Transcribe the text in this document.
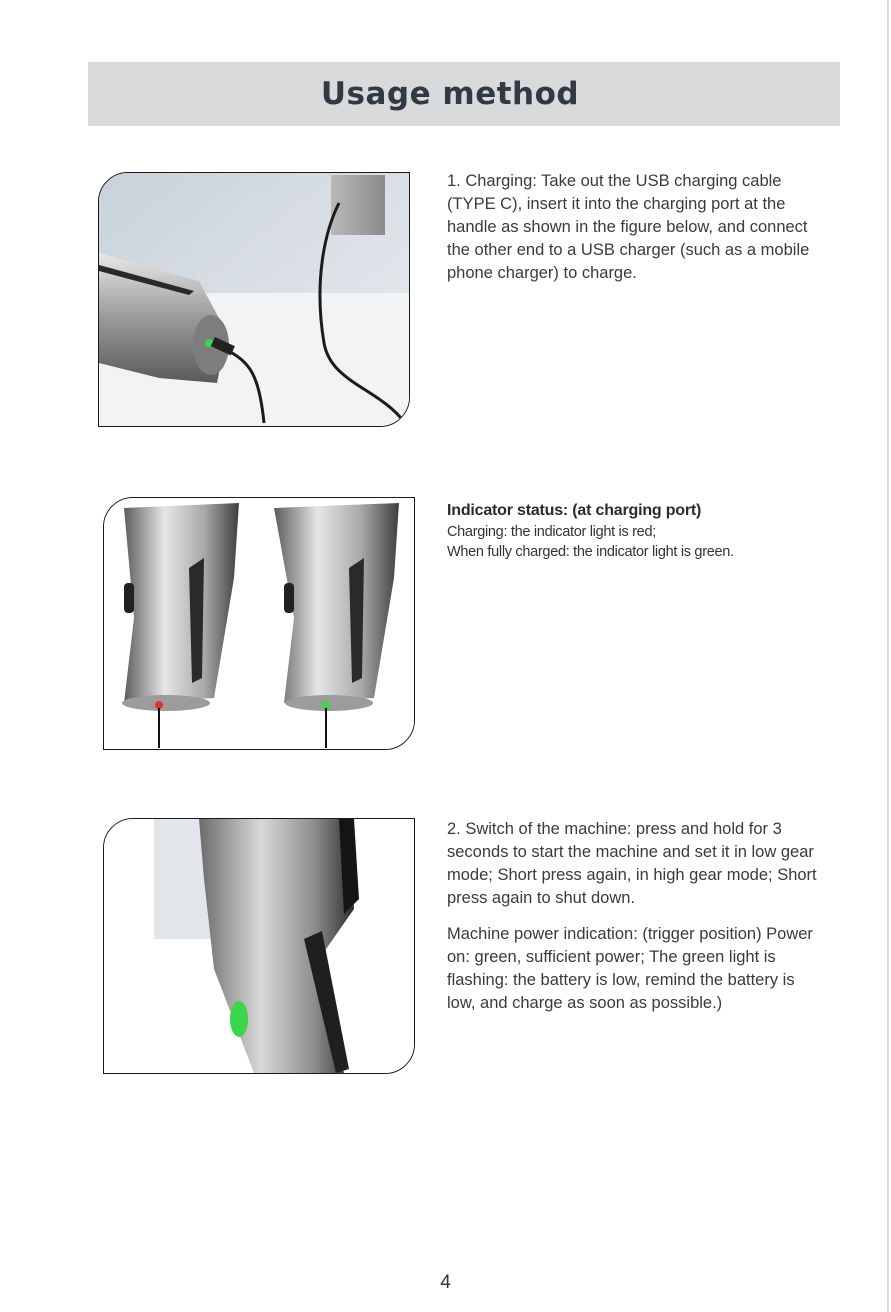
Usage method

1. Charging: Take out the USB charging cable (TYPE C), insert it into the charging port at the handle as shown in the figure below, and connect the other end to a USB charger (such as a mobile phone charger) to charge.

Indicator status: (at charging port)

Charging: the indicator light is red;

When fully charged: the indicator light is green.

2. Switch of the machine: press and hold for 3 seconds to start the machine and set it in low gear mode; Short press again, in high gear mode; Short press again to shut down.

Machine power indication: (trigger position) Power on: green, sufficient power; The green light is flashing: the battery is low, remind the battery is low, and charge as soon as possible.)

4
